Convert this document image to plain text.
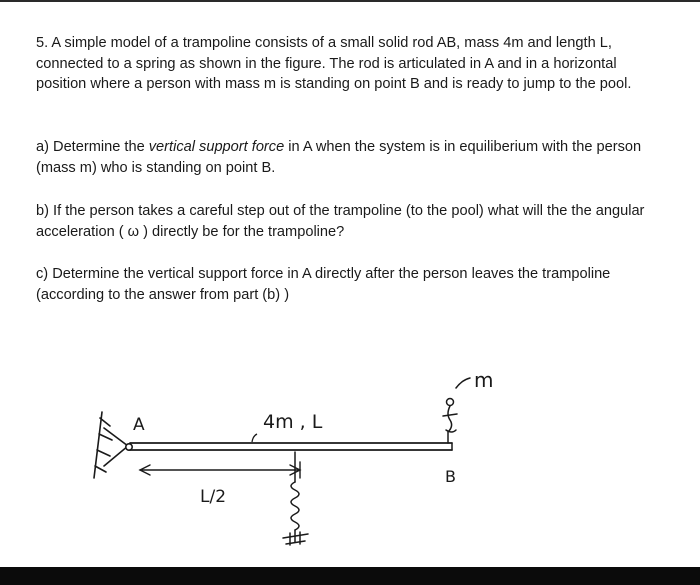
5. A simple model of a trampoline consists of a small solid rod AB, mass 4m and length L, connected to a spring as shown in the figure. The rod is articulated in A and in a horizontal position where a person with mass m is standing on point B and is ready to jump to the pool.

a) Determine the vertical support force in A when the system is in equiliberium with the person (mass m) who is standing on point B.

b) If the person takes a careful step out of the trampoline (to the pool) what will the the angular acceleration ( ω ) directly be for the trampoline?

c) Determine the vertical support force in A directly after the person leaves the trampoline (according to the answer from part (b) )

A	4m , L
L/2
B
m
